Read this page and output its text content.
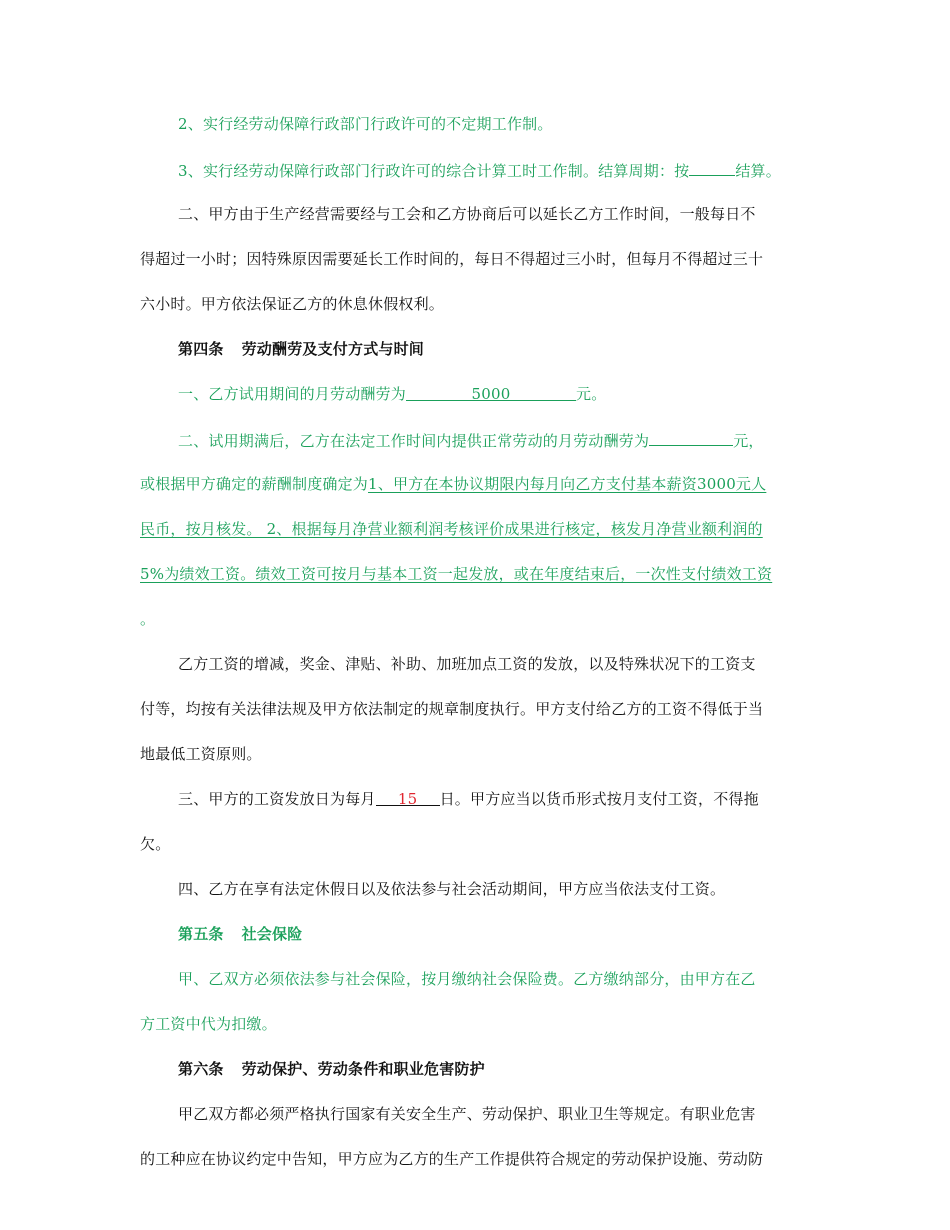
2、实行经劳动保障行政部门行政许可的不定期工作制。
3、实行经劳动保障行政部门行政许可的综合计算工时工作制。结算周期：按	结算。
二、甲方由于生产经营需要经与工会和乙方协商后可以延长乙方工作时间，一般每日不
得超过一小时；因特殊原因需要延长工作时间的，每日不得超过三小时，但每月不得超过三十
六小时。甲方依法保证乙方的休息休假权利。
第四条 劳动酬劳及支付方式与时间
一、乙方试用期间的月劳动酬劳为	5000	元。
二、试用期满后，乙方在法定工作时间内提供正常劳动的月劳动酬劳为	元，
或根据甲方确定的薪酬制度确定为1、甲方在本协议期限内每月向乙方支付基本薪资3000元人
民币，按月核发。 2、根据每月净营业额利润考核评价成果进行核定，核发月净营业额利润的
5%为绩效工资。绩效工资可按月与基本工资一起发放，或在年度结束后，一次性支付绩效工资
。
乙方工资的增减，奖金、津贴、补助、加班加点工资的发放，以及特殊状况下的工资支
付等，均按有关法律法规及甲方依法制定的规章制度执行。甲方支付给乙方的工资不得低于当
地最低工资原则。
三、甲方的工资发放日为每月 15 日。甲方应当以货币形式按月支付工资，不得拖
欠。
四、乙方在享有法定休假日以及依法参与社会活动期间，甲方应当依法支付工资。
第五条 社会保险
甲、乙双方必须依法参与社会保险，按月缴纳社会保险费。乙方缴纳部分，由甲方在乙
方工资中代为扣缴。
第六条 劳动保护、劳动条件和职业危害防护
甲乙双方都必须严格执行国家有关安全生产、劳动保护、职业卫生等规定。有职业危害
的工种应在协议约定中告知，甲方应为乙方的生产工作提供符合规定的劳动保护设施、劳动防
